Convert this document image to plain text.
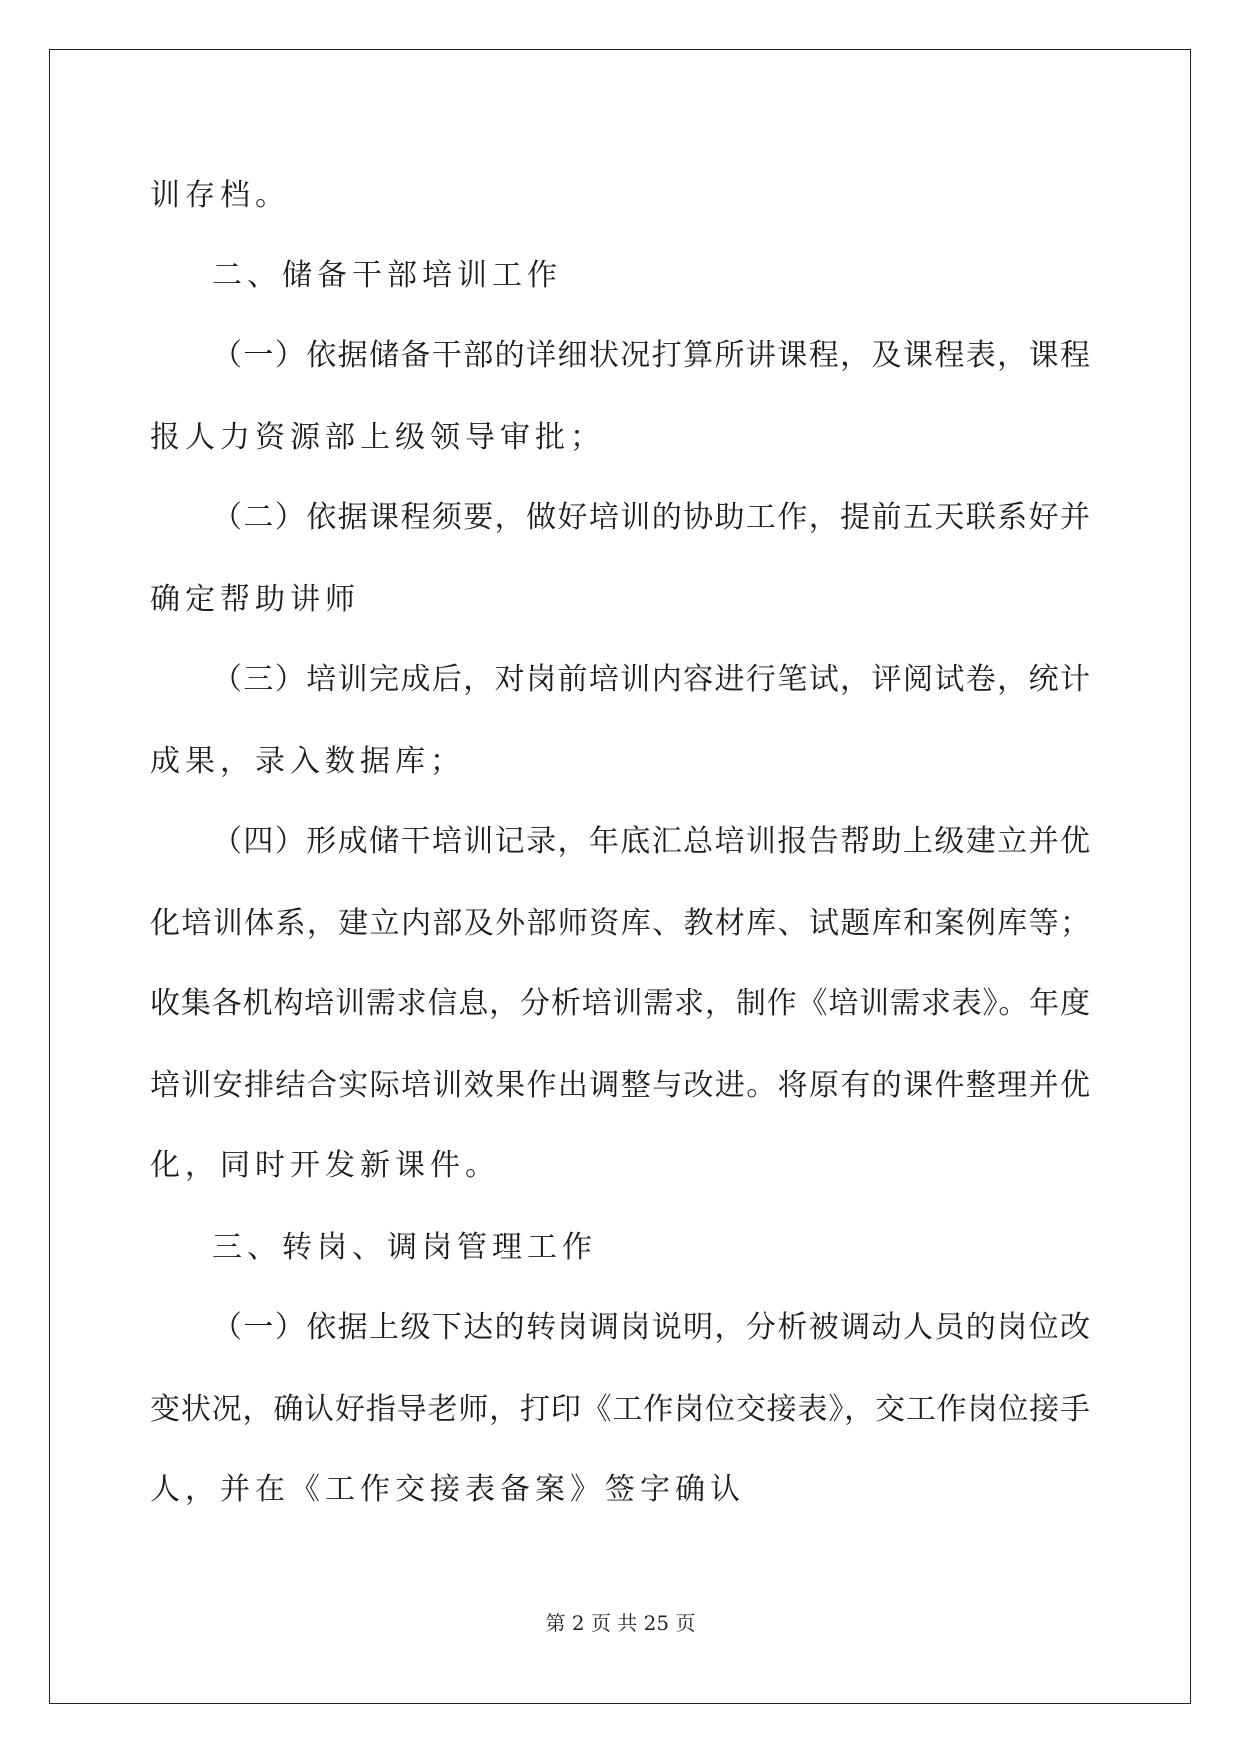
训存档。
二、储备干部培训工作
（一）依据储备干部的详细状况打算所讲课程，及课程表，课程
报人力资源部上级领导审批；
（二）依据课程须要，做好培训的协助工作，提前五天联系好并
确定帮助讲师
（三）培训完成后，对岗前培训内容进行笔试，评阅试卷，统计
成果，录入数据库；
（四）形成储干培训记录，年底汇总培训报告帮助上级建立并优
化培训体系，建立内部及外部师资库、教材库、试题库和案例库等；
收集各机构培训需求信息，分析培训需求，制作《培训需求表》。年度
培训安排结合实际培训效果作出调整与改进。将原有的课件整理并优
化，同时开发新课件。
三、转岗、调岗管理工作
（一）依据上级下达的转岗调岗说明，分析被调动人员的岗位改
变状况，确认好指导老师，打印《工作岗位交接表》，交工作岗位接手
人，并在《工作交接表备案》签字确认
第 2 页 共 25 页
